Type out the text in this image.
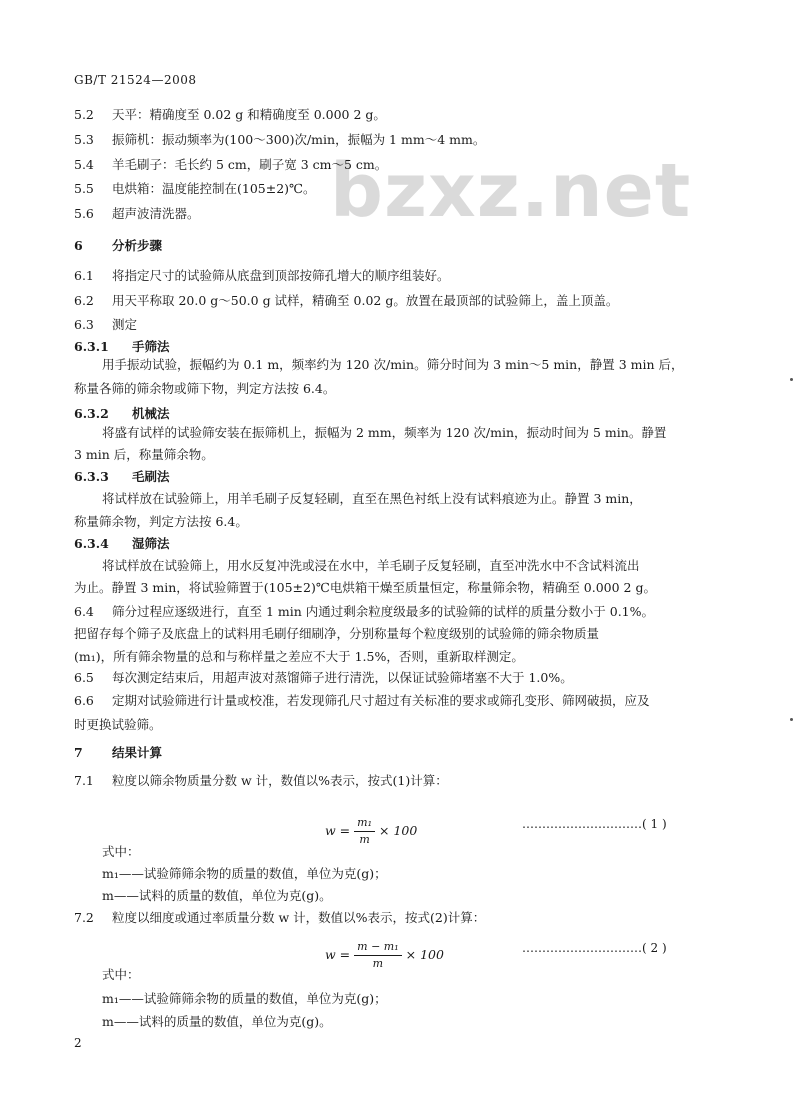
GB/T 21524—2008
bzxz.net
5.2 天平：精确度至 0.02 g 和精确度至 0.000 2 g。
5.3 振筛机：振动频率为(100～300)次/min，振幅为 1 mm～4 mm。
5.4 羊毛刷子：毛长约 5 cm，刷子宽 3 cm～5 cm。
5.5 电烘箱：温度能控制在(105±2)℃。
5.6 超声波清洗器。
6 分析步骤
6.1 将指定尺寸的试验筛从底盘到顶部按筛孔增大的顺序组装好。
6.2 用天平称取 20.0 g～50.0 g 试样，精确至 0.02 g。放置在最顶部的试验筛上，盖上顶盖。
6.3 测定
6.3.1 手筛法
用手振动试验，振幅约为 0.1 m，频率约为 120 次/min。筛分时间为 3 min～5 min，静置 3 min 后，
称量各筛的筛余物或筛下物，判定方法按 6.4。
6.3.2 机械法
将盛有试样的试验筛安装在振筛机上，振幅为 2 mm，频率为 120 次/min，振动时间为 5 min。静置
3 min 后，称量筛余物。
6.3.3 毛刷法
将试样放在试验筛上，用羊毛刷子反复轻刷，直至在黑色衬纸上没有试料痕迹为止。静置 3 min，
称量筛余物，判定方法按 6.4。
6.3.4 湿筛法
将试样放在试验筛上，用水反复冲洗或浸在水中，羊毛刷子反复轻刷，直至冲洗水中不含试料流出
为止。静置 3 min，将试验筛置于(105±2)℃电烘箱干燥至质量恒定，称量筛余物，精确至 0.000 2 g。
6.4 筛分过程应逐级进行，直至 1 min 内通过剩余粒度级最多的试验筛的试样的质量分数小于 0.1%。
把留存每个筛子及底盘上的试料用毛刷仔细刷净，分别称量每个粒度级别的试验筛的筛余物质量
(m₁)，所有筛余物量的总和与称样量之差应不大于 1.5%，否则，重新取样测定。
6.5 每次测定结束后，用超声波对蒸馏筛子进行清洗，以保证试验筛堵塞不大于 1.0%。
6.6 定期对试验筛进行计量或校准，若发现筛孔尺寸超过有关标准的要求或筛孔变形、筛网破损，应及
时更换试验筛。
7 结果计算
7.1 粒度以筛余物质量分数 w 计，数值以%表示，按式(1)计算：
式中：
m₁——试验筛筛余物的质量的数值，单位为克(g)；
m——试料的质量的数值，单位为克(g)。
7.2 粒度以细度或通过率质量分数 w 计，数值以%表示，按式(2)计算：
式中：
m₁——试验筛筛余物的质量的数值，单位为克(g)；
m——试料的质量的数值，单位为克(g)。
$w = \frac{\text{m₁}}{m} \times 100$	…………………………( 1 )
$w = \frac{\text{m − m₁}}{m} \times 100$	…………………………( 2 )
2
